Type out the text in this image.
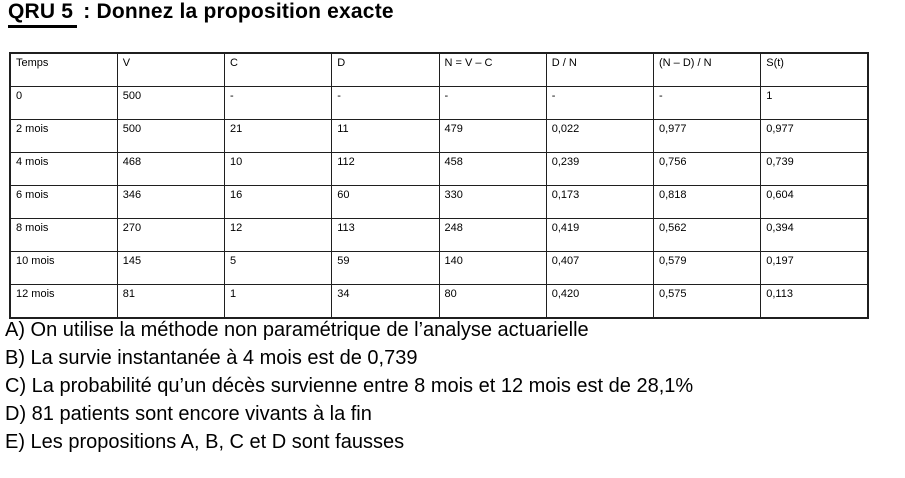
QRU 5 : Donnez la proposition exacte
Temps	V	C	D	N = V – C	D / N	(N – D) / N	S(t)
0	500	-	-	-	-	-	1
2 mois	500	21	11	479	0,022	0,977	0,977
4 mois	468	10	112	458	0,239	0,756	0,739
6 mois	346	16	60	330	0,173	0,818	0,604
8 mois	270	12	113	248	0,419	0,562	0,394
10 mois	145	5	59	140	0,407	0,579	0,197
12 mois	81	1	34	80	0,420	0,575	0,113
A) On utilise la méthode non paramétrique de l’analyse actuarielle
B) La survie instantanée à 4 mois est de 0,739
C) La probabilité qu’un décès survienne entre 8 mois et 12 mois est de 28,1%
D) 81 patients sont encore vivants à la fin
E) Les propositions A, B, C et D sont fausses
